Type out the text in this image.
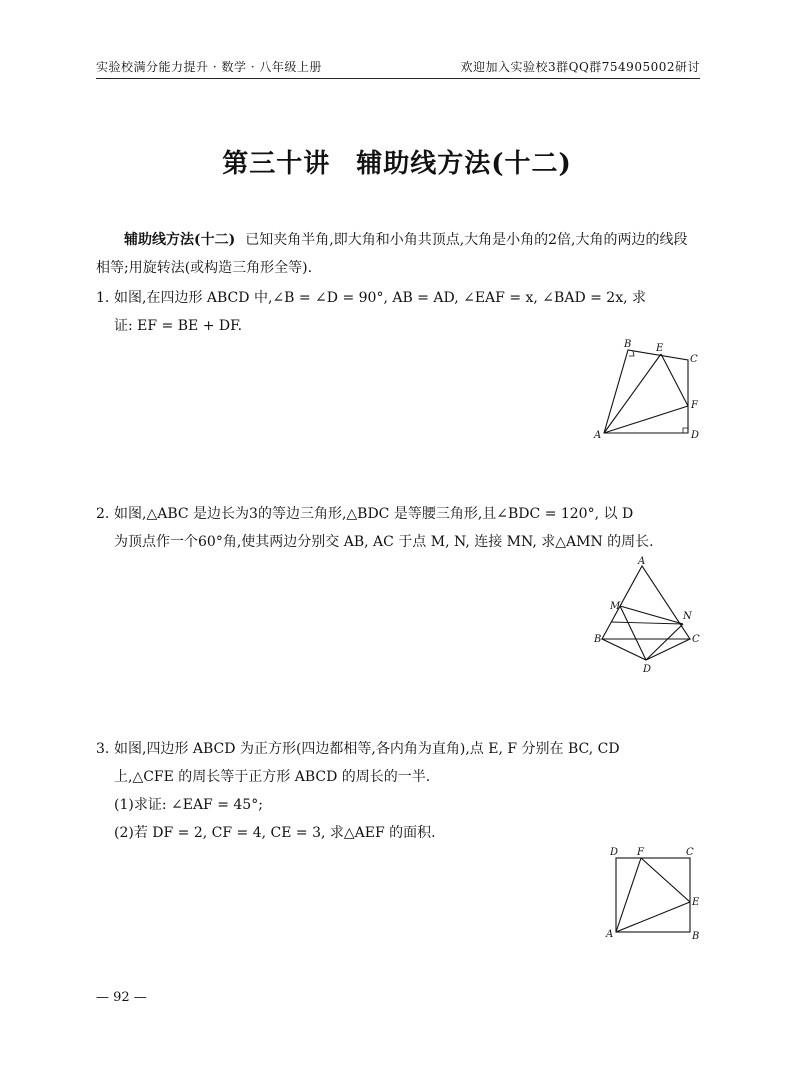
实验校满分能力提升 · 数学 · 八年级上册	欢迎加入实验校3群QQ群754905002研讨
第三十讲 辅助线方法(十二)
辅助线方法(十二) 已知夹角半角,即大角和小角共顶点,大角是小角的2倍,大角的两边的线段相等;用旋转法(或构造三角形全等).
1. 如图,在四边形 ABCD 中,∠B = ∠D = 90°, AB = AD, ∠EAF = x, ∠BAD = 2x, 求
证: EF = BE + DF.
B E
C
F
A	D
2. 如图,△ABC 是边长为3的等边三角形,△BDC 是等腰三角形,且∠BDC = 120°, 以 D
为顶点作一个60°角,使其两边分别交 AB, AC 于点 M, N, 连接 MN, 求△AMN 的周长.
A
M
N
B	C
D
3. 如图,四边形 ABCD 为正方形(四边都相等,各内角为直角),点 E, F 分别在 BC, CD
上,△CFE 的周长等于正方形 ABCD 的周长的一半.
(1)求证: ∠EAF = 45°;
(2)若 DF = 2, CF = 4, CE = 3, 求△AEF 的面积.
D F	C
E
A	B
— 92 —
